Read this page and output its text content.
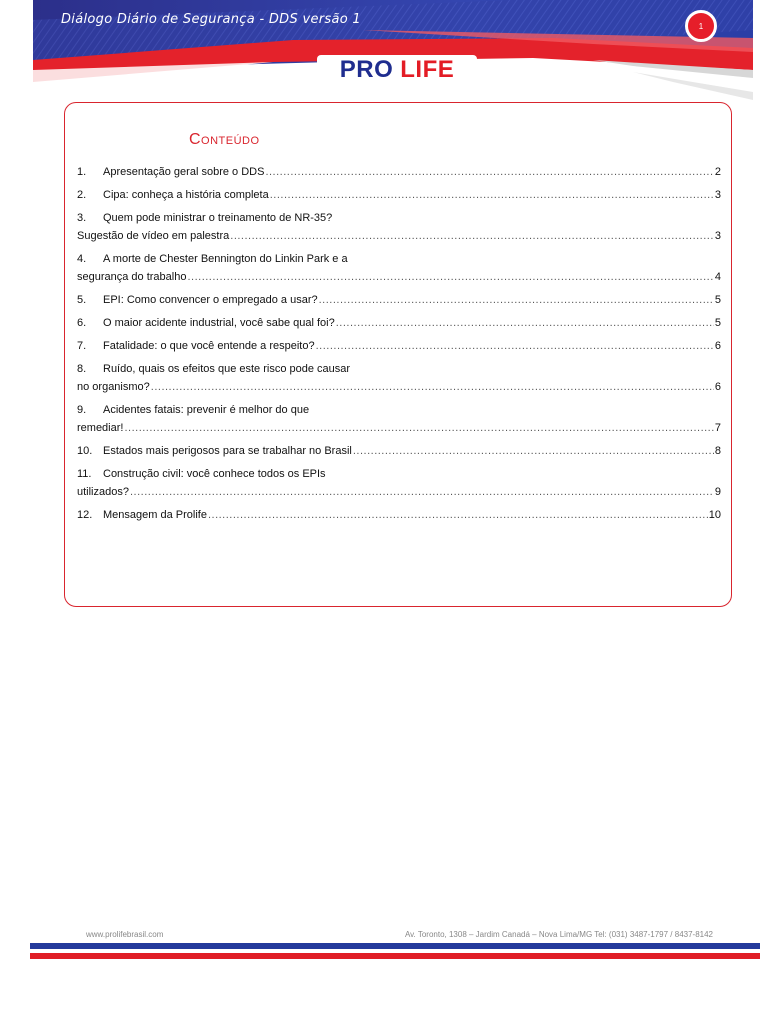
Diálogo Diário de Segurança - DDS versão 1	1
PRO LIFE
Conteúdo
1.	Apresentação geral sobre o DDS .....	2
2.	Cipa: conheça a história completa .....	3
3.	Quem pode ministrar o treinamento de NR-35?
Sugestão de vídeo em palestra .....	3
4.	A morte de Chester Bennington do Linkin Park e a
segurança do trabalho .....	4
5.	EPI: Como convencer o empregado a usar? .....	5
6.	O maior acidente industrial, você sabe qual foi? .....	5
7.	Fatalidade: o que você entende a respeito? .....	6
8.	Ruído, quais os efeitos que este risco pode causar
no organismo? .....	6
9.	Acidentes fatais: prevenir é melhor do que
remediar! .....	7
10. Estados mais perigosos para se trabalhar no Brasil .....	8
11.	Construção civil: você conhece todos os EPIs
utilizados? .....	9
12. Mensagem da Prolife .....	10
www.prolifebrasil.com	Av. Toronto, 1308 – Jardim Canadá – Nova Lima/MG Tel: (031) 3487-1797 / 8437-8142
